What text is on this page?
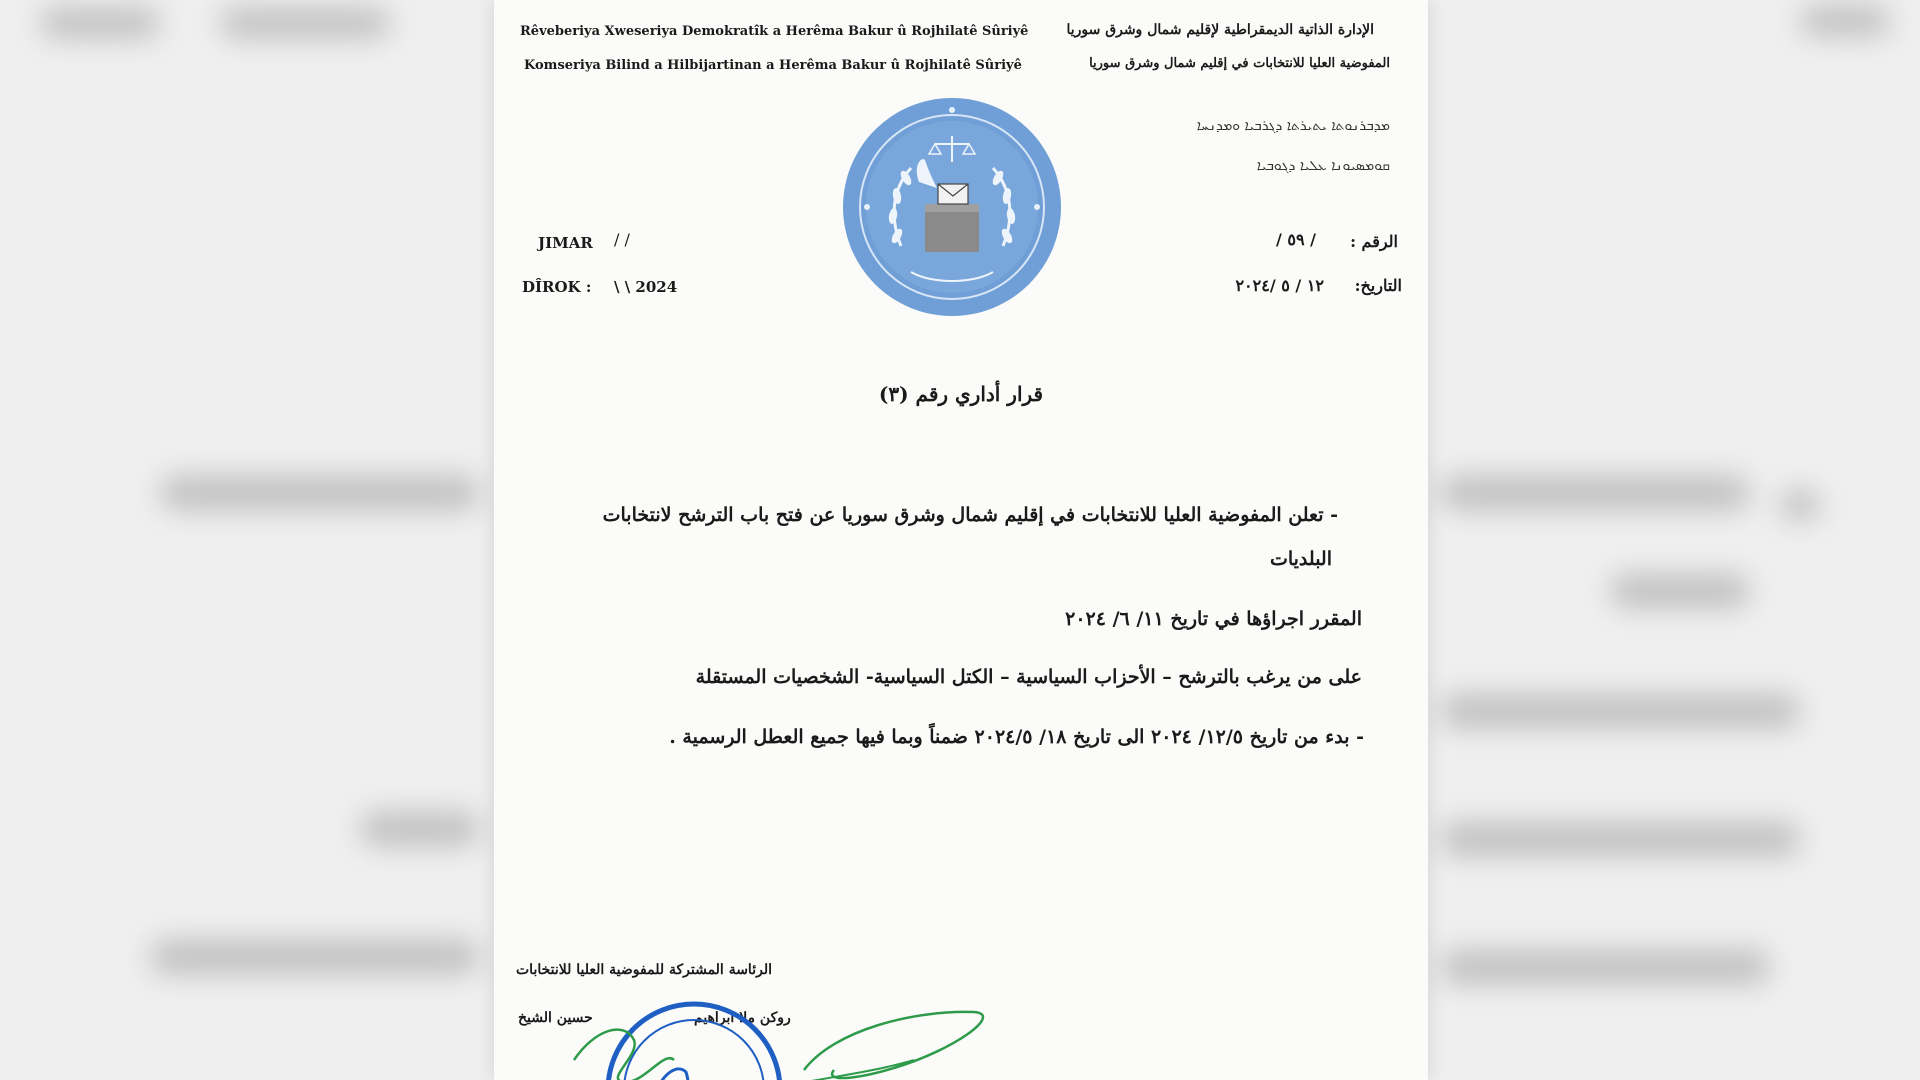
Rêveberiya Xweseriya Demokratîk a Herêma Bakur û Rojhilatê Sûriyê	الإدارة الذاتية الديمقراطية لإقليم شمال وشرق سوريا
Komseriya Bilind a Hilbijartinan a Herêma Bakur û Rojhilatê Sûriyê	المفوضية العليا للانتخابات في إقليم شمال وشرق سوريا
ܡܕܒܪܢܘܬܐ ܝܬܝܪܬܐ ܕܓܪܒܝܐ ܘܡܕܢܚܐ
ܩܘܡܣܝܘܢܐ ܥܠܝܐ ܕܓܘܒܝܐ
JIMAR / /
DÎROK : \ \ 2024
الرقم :
/ ٥٩ /
التاريخ:
١٢ / ٥ /٢٠٢٤
قرار أداري رقم (٣)
- تعلن المفوضية العليا للانتخابات في إقليم شمال وشرق سوريا عن فتح باب الترشح لانتخابات
البلديات
المقرر اجراؤها في تاريخ ١١/ ٦/ ٢٠٢٤
على من يرغب بالترشح – الأحزاب السياسية – الكتل السياسية- الشخصيات المستقلة
- بدء من تاريخ ١٢/٥/ ٢٠٢٤ الى تاريخ ١٨/ ٢٠٢٤/٥ ضمناً وبما فيها جميع العطل الرسمية .
الرئاسة المشتركة للمفوضية العليا للانتخابات
حسين الشيخ	روكن ملا ابراهيم
